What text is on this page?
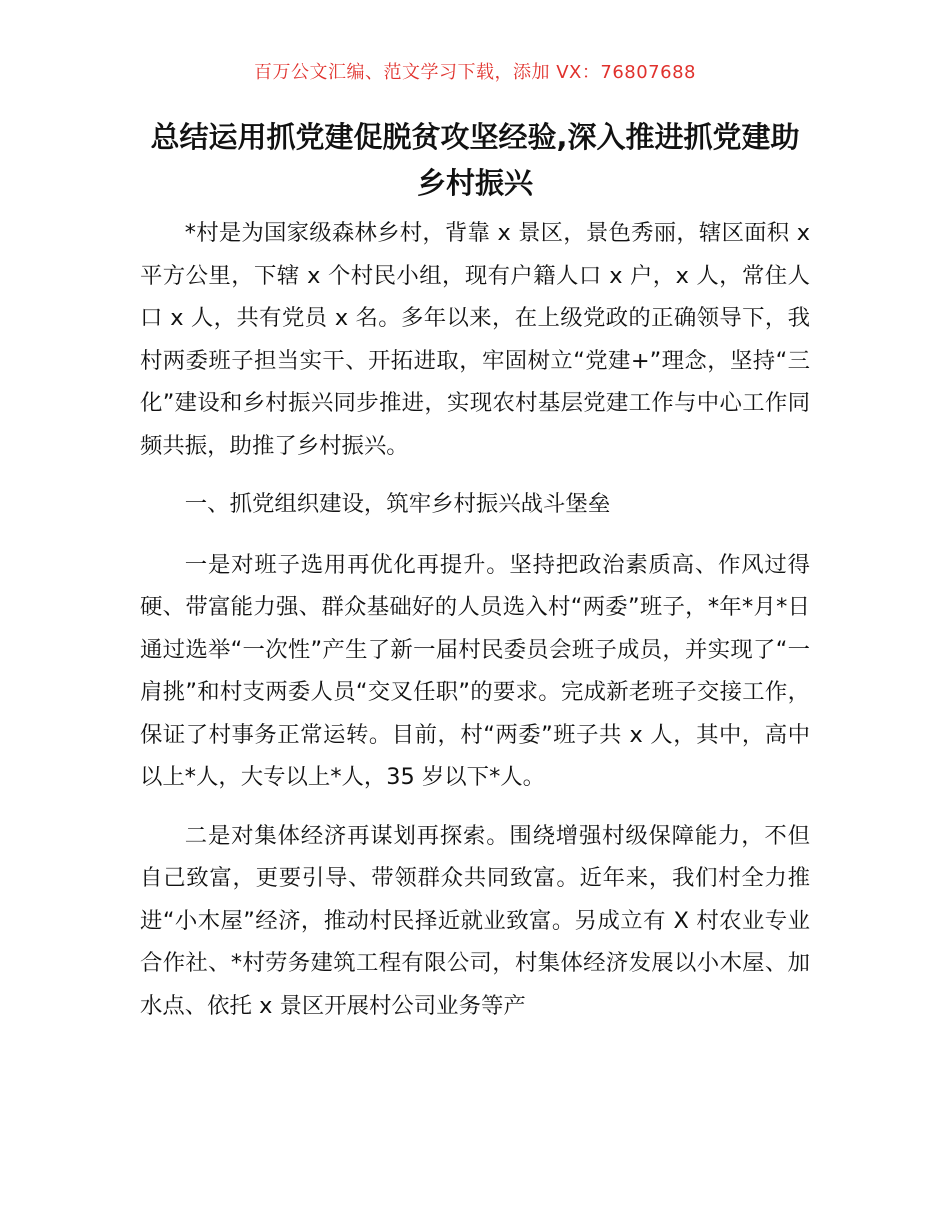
百万公文汇编、范文学习下载，添加 VX：76807688
总结运用抓党建促脱贫攻坚经验,深入推进抓党建助乡村振兴

*村是为国家级森林乡村，背靠 x 景区，景色秀丽，辖区面积 x 平方公里，下辖 x 个村民小组，现有户籍人口 x 户，x 人，常住人口 x 人，共有党员 x 名。多年以来，在上级党政的正确领导下，我村两委班子担当实干、开拓进取，牢固树立“党建+”理念，坚持“三化”建设和乡村振兴同步推进，实现农村基层党建工作与中心工作同频共振，助推了乡村振兴。

一、抓党组织建设，筑牢乡村振兴战斗堡垒

一是对班子选用再优化再提升。坚持把政治素质高、作风过得硬、带富能力强、群众基础好的人员选入村“两委”班子，*年*月*日通过选举“一次性”产生了新一届村民委员会班子成员，并实现了“一肩挑”和村支两委人员“交叉任职”的要求。完成新老班子交接工作，保证了村事务正常运转。目前，村“两委”班子共 x 人，其中，高中以上*人，大专以上*人，35 岁以下*人。

二是对集体经济再谋划再探索。围绕增强村级保障能力，不但自己致富，更要引导、带领群众共同致富。近年来，我们村全力推进“小木屋”经济，推动村民择近就业致富。另成立有 X 村农业专业合作社、*村劳务建筑工程有限公司，村集体经济发展以小木屋、加水点、依托 x 景区开展村公司业务等产
